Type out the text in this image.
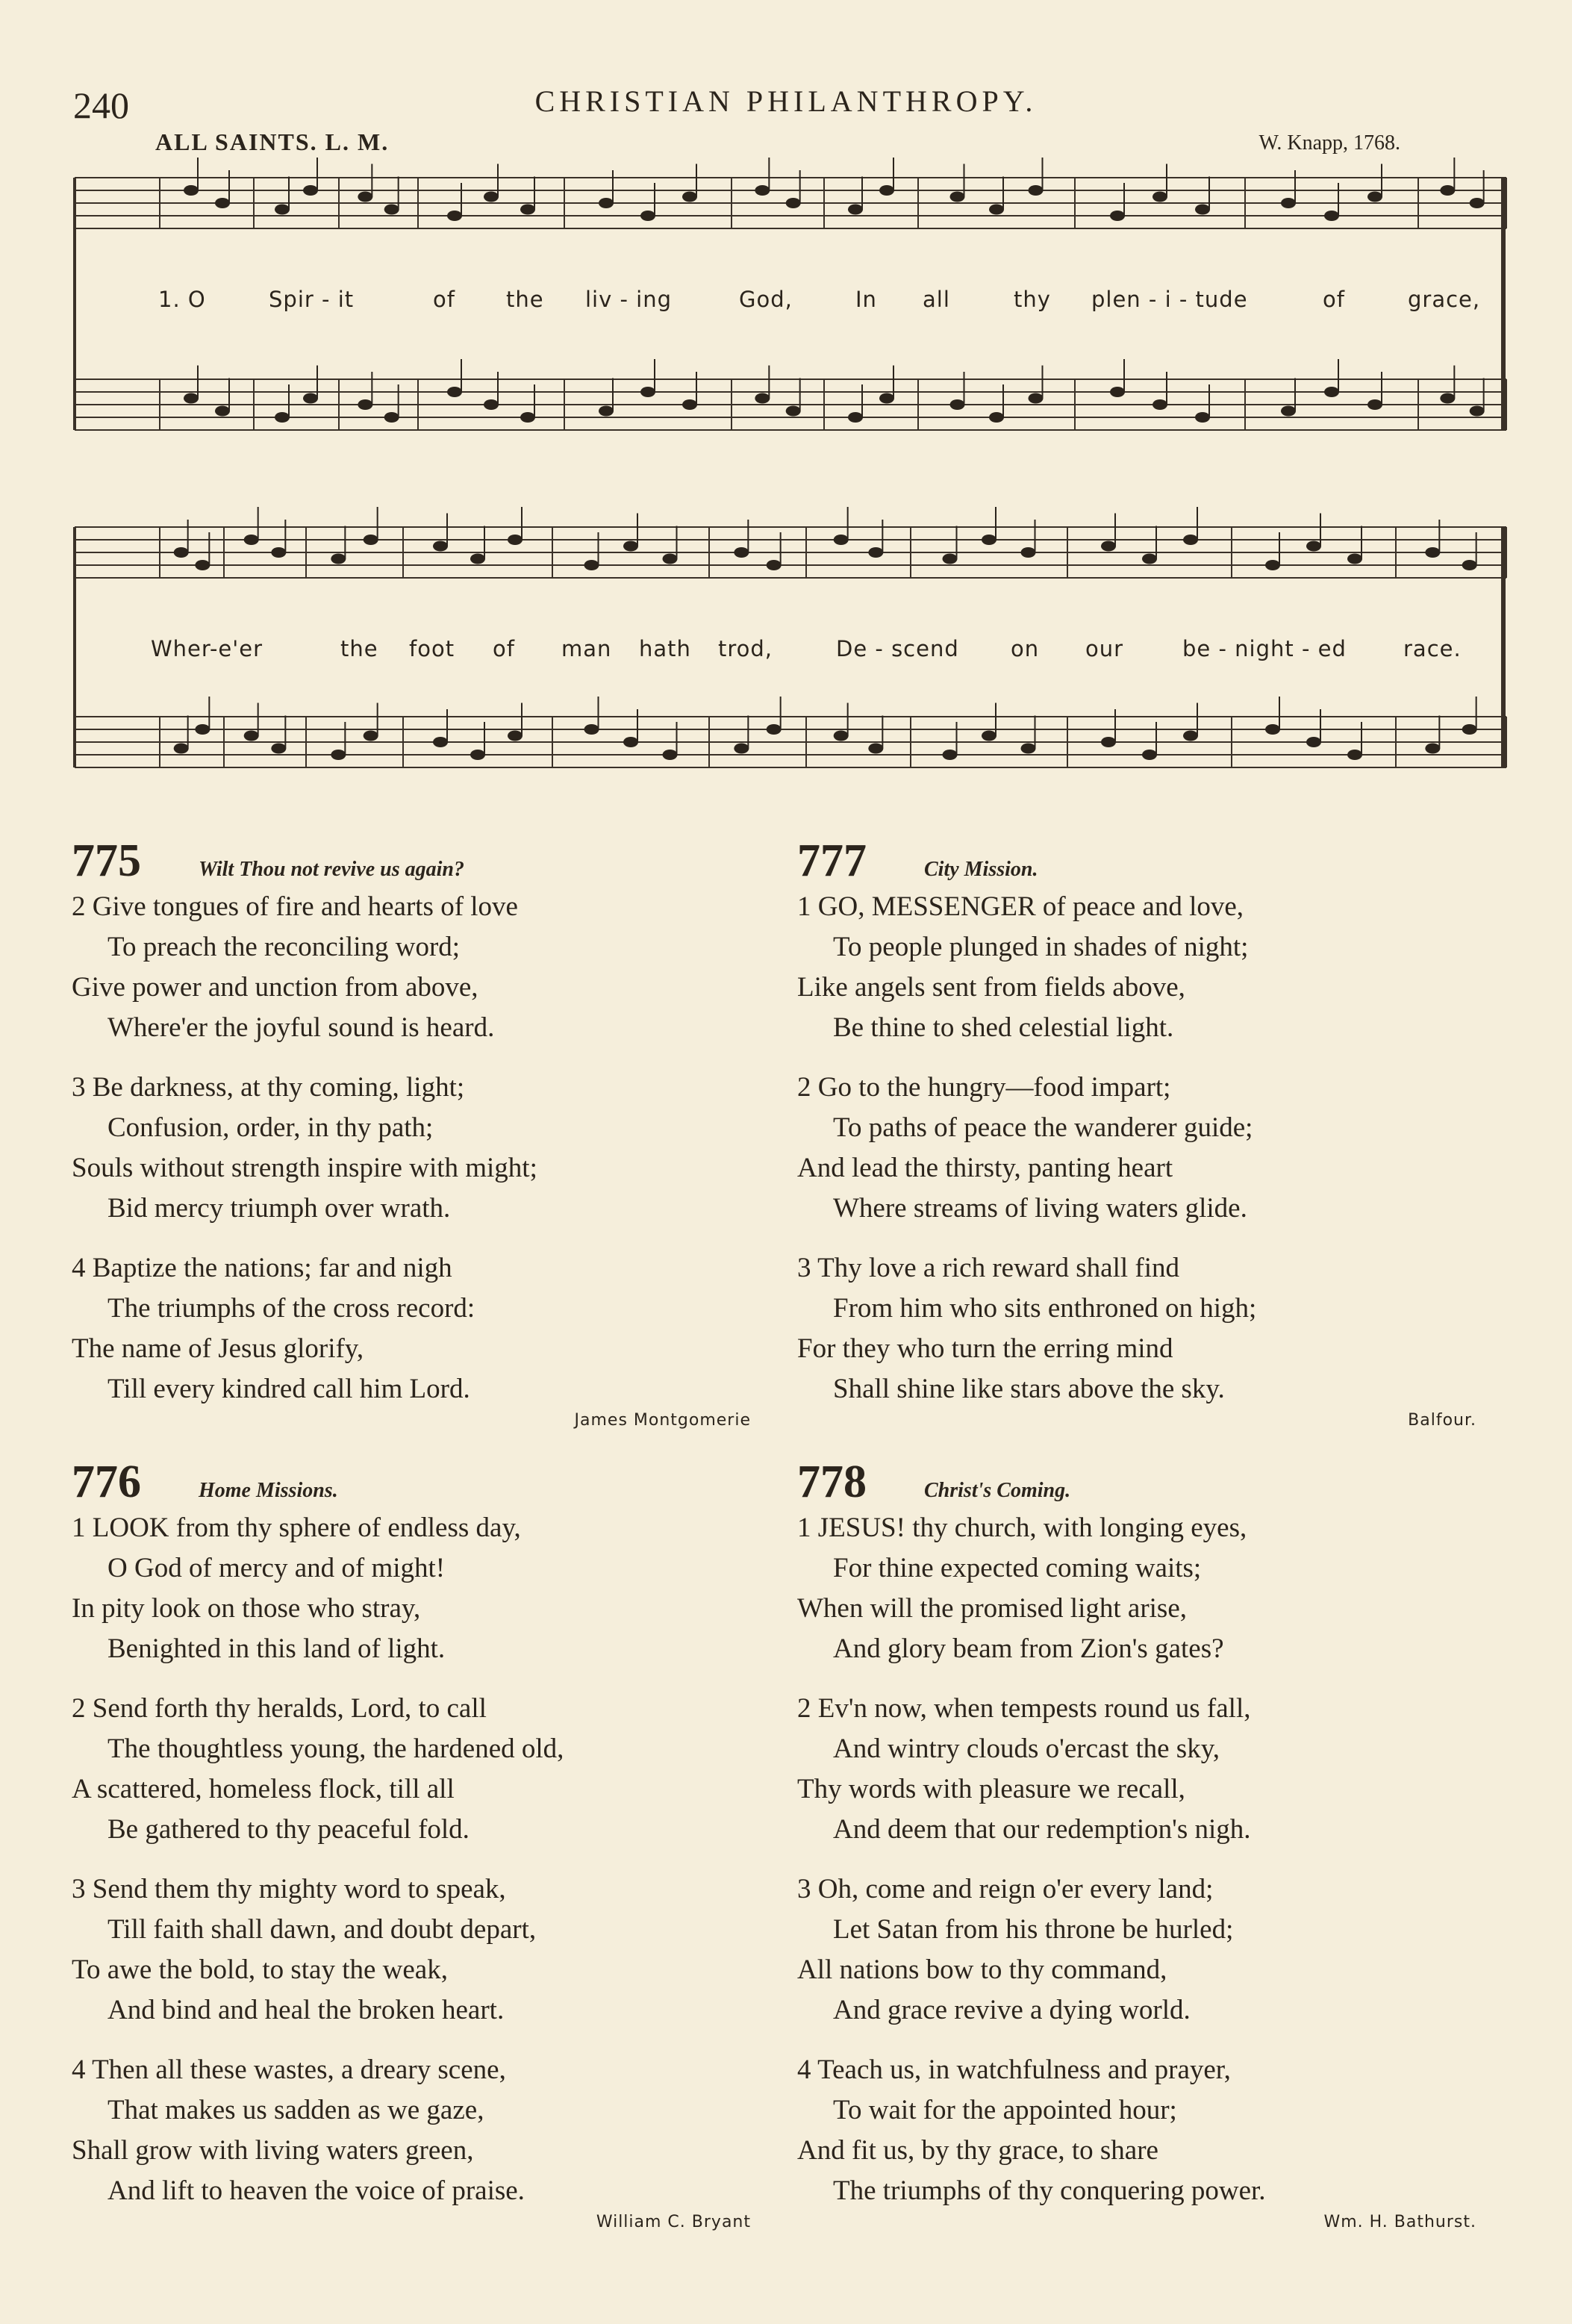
240	CHRISTIAN PHILANTHROPY.
ALL SAINTS. L. M.	W. Knapp, 1768.
1. O	Spir - it	of the liv - ing	God,	In all	thy plen - i - tude	of	grace,
Wher-e'er	the foot of man hath trod,	De - scend on our	be - night - ed	race.
775	Wilt Thou not revive us again?
2 Give tongues of fire and hearts of love
To preach the reconciling word;
Give power and unction from above,
Where'er the joyful sound is heard.
3 Be darkness, at thy coming, light;
Confusion, order, in thy path;
Souls without strength inspire with might;
Bid mercy triumph over wrath.
4 Baptize the nations; far and nigh
The triumphs of the cross record:
The name of Jesus glorify,
Till every kindred call him Lord.
James Montgomerie
776	Home Missions.
1 LOOK from thy sphere of endless day,
O God of mercy and of might!
In pity look on those who stray,
Benighted in this land of light.
2 Send forth thy heralds, Lord, to call
The thoughtless young, the hardened old,
A scattered, homeless flock, till all
Be gathered to thy peaceful fold.
3 Send them thy mighty word to speak,
Till faith shall dawn, and doubt depart,
To awe the bold, to stay the weak,
And bind and heal the broken heart.
4 Then all these wastes, a dreary scene,
That makes us sadden as we gaze,
Shall grow with living waters green,
And lift to heaven the voice of praise.
William C. Bryant
777	City Mission.
1 GO, MESSENGER of peace and love,
To people plunged in shades of night;
Like angels sent from fields above,
Be thine to shed celestial light.
2 Go to the hungry—food impart;
To paths of peace the wanderer guide;
And lead the thirsty, panting heart
Where streams of living waters glide.
3 Thy love a rich reward shall find
From him who sits enthroned on high;
For they who turn the erring mind
Shall shine like stars above the sky.
Balfour.
778	Christ's Coming.
1 JESUS! thy church, with longing eyes,
For thine expected coming waits;
When will the promised light arise,
And glory beam from Zion's gates?
2 Ev'n now, when tempests round us fall,
And wintry clouds o'ercast the sky,
Thy words with pleasure we recall,
And deem that our redemption's nigh.
3 Oh, come and reign o'er every land;
Let Satan from his throne be hurled;
All nations bow to thy command,
And grace revive a dying world.
4 Teach us, in watchfulness and prayer,
To wait for the appointed hour;
And fit us, by thy grace, to share
The triumphs of thy conquering power.
Wm. H. Bathurst.
